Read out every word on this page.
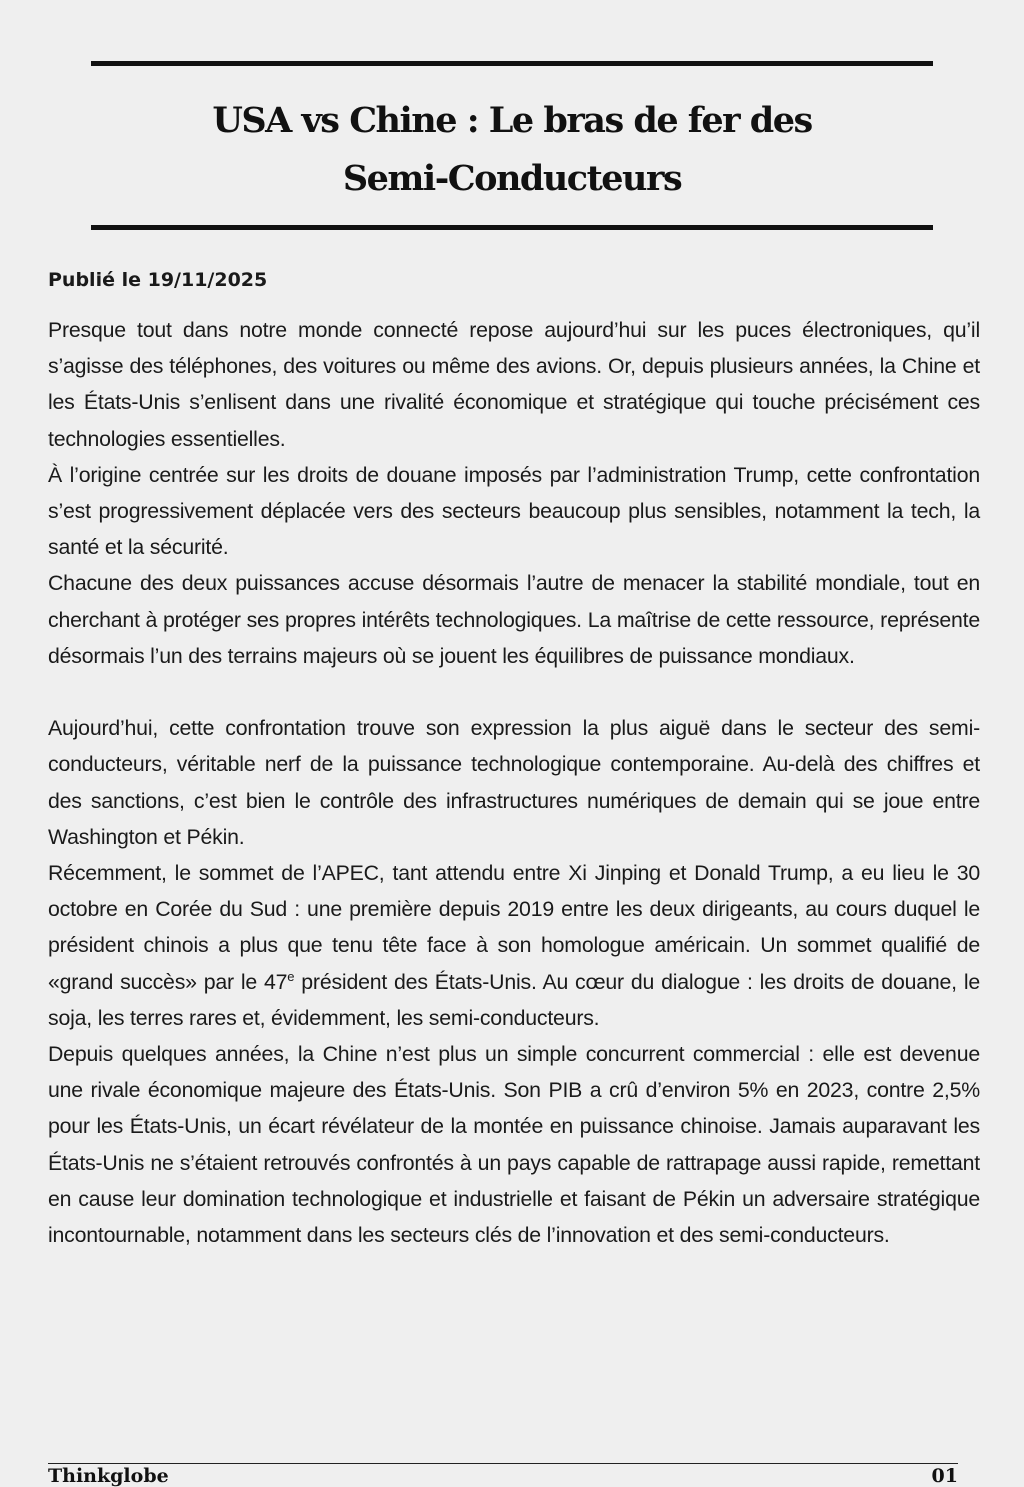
USA vs Chine : Le bras de fer des
Semi-Conducteurs
Publié le 19/11/2025

Presque tout dans notre monde connecté repose aujourd’hui sur les puces électroniques, qu’il s’agisse des téléphones, des voitures ou même des avions. Or, depuis plusieurs années, la Chine et les États-Unis s’enlisent dans une rivalité économique et stratégique qui touche précisément ces technologies essentielles.

À l’origine centrée sur les droits de douane imposés par l’administration Trump, cette confrontation s’est progressivement déplacée vers des secteurs beaucoup plus sensibles, notamment la tech, la santé et la sécurité.

Chacune des deux puissances accuse désormais l’autre de menacer la stabilité mondiale, tout en cherchant à protéger ses propres intérêts technologiques. La maîtrise de cette ressource, représente désormais l’un des terrains majeurs où se jouent les équilibres de puissance mondiaux.

Aujourd’hui, cette confrontation trouve son expression la plus aiguë dans le secteur des semi-conducteurs, véritable nerf de la puissance technologique contemporaine. Au-delà des chiffres et des sanctions, c’est bien le contrôle des infrastructures numériques de demain qui se joue entre Washington et Pékin.

Récemment, le sommet de l’APEC, tant attendu entre Xi Jinping et Donald Trump, a eu lieu le 30 octobre en Corée du Sud : une première depuis 2019 entre les deux dirigeants, au cours duquel le président chinois a plus que tenu tête face à son homologue américain. Un sommet qualifié de «grand succès» par le 47e président des États-Unis. Au cœur du dialogue : les droits de douane, le soja, les terres rares et, évidemment, les semi-conducteurs.

Depuis quelques années, la Chine n’est plus un simple concurrent commercial : elle est devenue une rivale économique majeure des États-Unis. Son PIB a crû d’environ 5% en 2023, contre 2,5% pour les États-Unis, un écart révélateur de la montée en puissance chinoise. Jamais auparavant les États-Unis ne s’étaient retrouvés confrontés à un pays capable de rattrapage aussi rapide, remettant en cause leur domination technologique et industrielle et faisant de Pékin un adversaire stratégique incontournable, notamment dans les secteurs clés de l’innovation et des semi-conducteurs.

Thinkglobe	01
